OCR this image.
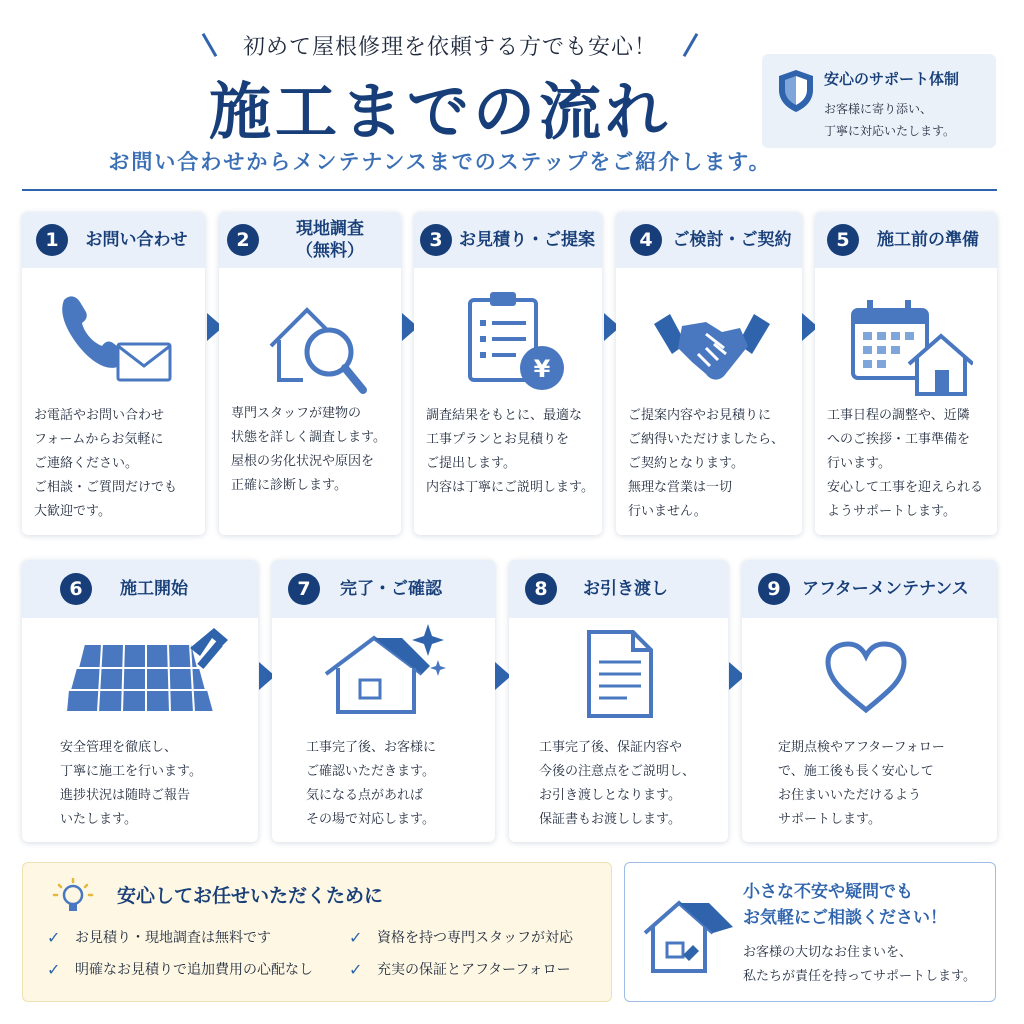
初めて屋根修理を依頼する方でも安心！
施工までの流れ
お問い合わせからメンテナンスまでのステップをご紹介します。
安心のサポート体制
お客様に寄り添い、
丁寧に対応いたします。
1	お問い合わせ
お電話やお問い合わせ
フォームからお気軽に
ご連絡ください。
ご相談・ご質問だけでも
大歓迎です。
2	現地調査
（無料）
専門スタッフが建物の
状態を詳しく調査します。
屋根の劣化状況や原因を
正確に診断します。
3 お見積り・ご提案
¥
調査結果をもとに、最適な
工事プランとお見積りを
ご提出します。
内容は丁寧にご説明します。
4	ご検討・ご契約
ご提案内容やお見積りに
ご納得いただけましたら、
ご契約となります。
無理な営業は一切
行いません。
5	施工前の準備
工事日程の調整や、近隣
へのご挨拶・工事準備を
行います。
安心して工事を迎えられる
ようサポートします。
6	施工開始
安全管理を徹底し、
丁寧に施工を行います。
進捗状況は随時ご報告
いたします。
7	完了・ご確認
工事完了後、お客様に
ご確認いただきます。
気になる点があれば
その場で対応します。
8	お引き渡し
工事完了後、保証内容や
今後の注意点をご説明し、
お引き渡しとなります。
保証書もお渡しします。
9	アフターメンテナンス
定期点検やアフターフォロー
で、施工後も長く安心して
お住まいいただけるよう
サポートします。
安心してお任せいただくために
✓	お見積り・現地調査は無料です	✓	資格を持つ専門スタッフが対応
✓	明確なお見積りで追加費用の心配なし ✓	充実の保証とアフターフォロー
小さな不安や疑問でも
お気軽にご相談ください！
お客様の大切なお住まいを、
私たちが責任を持ってサポートします。
